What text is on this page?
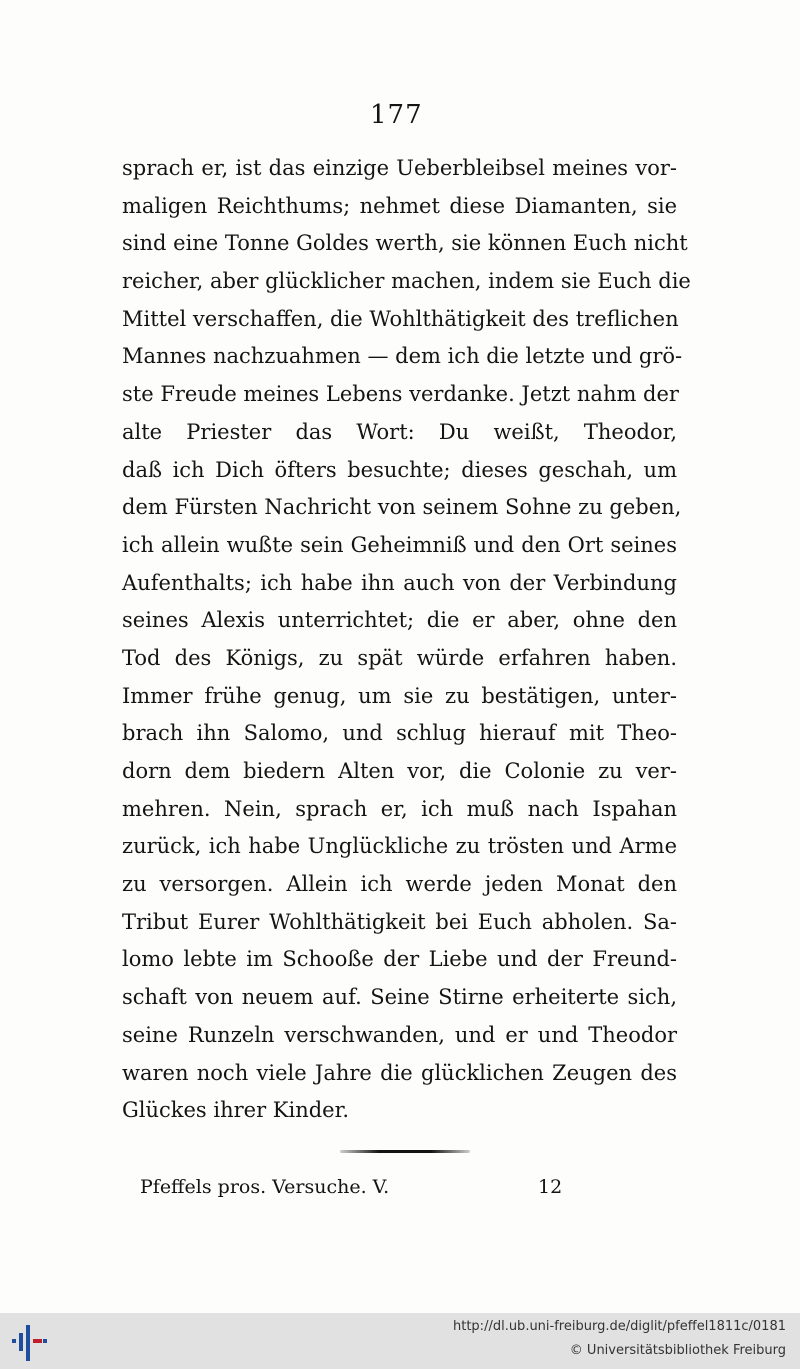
177
sprach er, ist das einzige Ueberbleibsel meines vor-
maligen Reichthums; nehmet diese Diamanten, sie
sind eine Tonne Goldes werth, sie können Euch nicht
reicher, aber glücklicher machen, indem sie Euch die
Mittel verschaffen, die Wohlthätigkeit des treflichen
Mannes nachzuahmen — dem ich die letzte und grö-
ste Freude meines Lebens verdanke. Jetzt nahm der
alte Priester das Wort: Du weißt, Theodor,
daß ich Dich öfters besuchte; dieses geschah, um
dem Fürsten Nachricht von seinem Sohne zu geben,
ich allein wußte sein Geheimniß und den Ort seines
Aufenthalts; ich habe ihn auch von der Verbindung
seines Alexis unterrichtet; die er aber, ohne den
Tod des Königs, zu spät würde erfahren haben.
Immer frühe genug, um sie zu bestätigen, unter-
brach ihn Salomo, und schlug hierauf mit Theo-
dorn dem biedern Alten vor, die Colonie zu ver-
mehren. Nein, sprach er, ich muß nach Ispahan
zurück, ich habe Unglückliche zu trösten und Arme
zu versorgen. Allein ich werde jeden Monat den
Tribut Eurer Wohlthätigkeit bei Euch abholen. Sa-
lomo lebte im Schooße der Liebe und der Freund-
schaft von neuem auf. Seine Stirne erheiterte sich,
seine Runzeln verschwanden, und er und Theodor
waren noch viele Jahre die glücklichen Zeugen des
Glückes ihrer Kinder.
Pfeffels pros. Versuche. V.	12
http://dl.ub.uni-freiburg.de/diglit/pfeffel1811c/0181
© Universitätsbibliothek Freiburg
